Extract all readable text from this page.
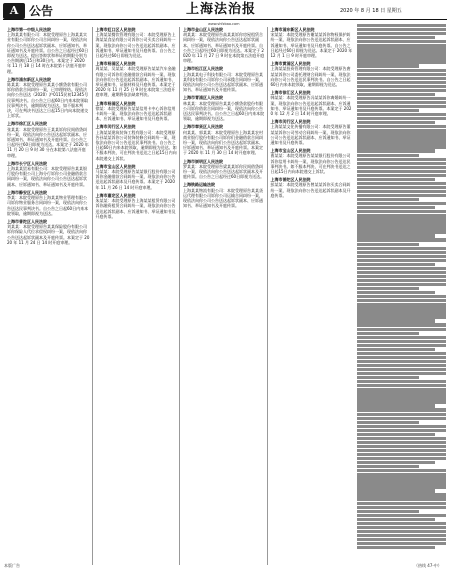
A 公告	上海法治报	2020 年 8 月 18 日 星期五
www.shfzbao.com
上海市第一中级人民法院
上海某某有限公司：本院受理原告上海某某实业有限公司诉你公司合同纠纷一案，现依法向你公司公告送达起诉状副本、应诉通知书、举证通知书及开庭传票。自公告之日起经过60日即视为送达。提出答辩状和举证的期限分别为公告期满后15日和30日内。本案定于 2020 年 11 月 18 日 14 时在本院第十法庭开庭审理。
上海市浦东新区人民法院
陈某某：本院受理原告某某小额贷款有限公司诉你借款合同纠纷一案，已审理终结。现依法向你公告送达（2020）沪0115民初12345号民事判决书。自公告之日起60日内来本院领取民事判决书，逾期即视为送达。如不服本判决，可在判决书送达之日起15日内向本院递交上诉状。
上海市徐汇区人民法院
张某某：本院受理原告王某某诉你民间借贷纠纷一案，现依法向你公告送达起诉状副本、应诉通知书、举证通知书及开庭传票。自公告之日起经过60日即视为送达。本案定于 2020 年 11 月 20 日 9 时 30 分在本院第八法庭开庭审理。
上海市长宁区人民法院
上海某某贸易有限公司：本院受理原告某某银行股份有限公司上海分行诉你公司金融借款合同纠纷一案，现依法向你公司公告送达起诉状副本、应诉通知书、举证通知书及开庭传票。
上海市静安区人民法院
李某：本院受理原告上海某某物业管理有限公司诉你物业服务合同纠纷一案，现依法向你公告送达民事判决书。自公告之日起60日内来本院领取，逾期即视为送达。
上海市普陀区人民法院
刘某某：本院受理原告某某保险股份有限公司诉你保险人代位求偿权纠纷一案，现依法向你公告送达起诉状副本及开庭传票。本案定于 2020 年 11 月 24 日 14 时开庭审理。
上海市虹口区人民法院
上海某某餐饮管理有限公司：本院受理原告上海某某食品有限公司诉你公司买卖合同纠纷一案，现依法向你公司公告送达起诉状副本、应诉通知书、举证通知书及开庭传票。自公告之日起经过60日即视为送达。
上海市杨浦区人民法院
周某某、吴某某：本院受理原告某某汽车金融有限公司诉你们金融借款合同纠纷一案，现依法向你们公告送达起诉状副本、应诉通知书、举证通知书、证据材料及开庭传票。本案定于 2020 年 11 月 25 日 9 时在本院第三法庭开庭审理，逾期将依法缺席判决。
上海市杨浦区人民法院
徐某：本院受理原告某某信用卡中心诉你信用卡纠纷一案，现依法向你公告送达起诉状副本、应诉通知书、举证通知书及开庭传票。
上海市闵行区人民法院
上海某某建筑装饰工程有限公司：本院受理原告孙某某诉你公司装饰装修合同纠纷一案，现依法向你公司公告送达民事判决书。自公告之日起60日内来本院领取，逾期即视为送达。如不服本判决，可在判决书送达之日起15日内向本院递交上诉状。
上海市宝山区人民法院
马某某：本院受理原告某某银行股份有限公司诉你金融借款合同纠纷一案，现依法向你公告送达起诉状副本及开庭传票。本案定于 2020 年 11 月 26 日 14 时开庭审理。
上海市嘉定区人民法院
朱某某：本院受理原告上海某某租赁有限公司诉你融资租赁合同纠纷一案，现依法向你公告送达起诉状副本、应诉通知书、举证通知书及开庭传票。
上海市金山区人民法院
胡某某：本院受理原告高某某诉你房屋租赁合同纠纷一案，现依法向你公告送达起诉状副本、应诉通知书、举证通知书及开庭传票。自公告之日起经过60日即视为送达。本案定于 2020 年 11 月 27 日 9 时在本院第五法庭开庭审理。
上海市松江区人民法院
上海某某电子科技有限公司：本院受理原告某某科技有限公司诉你公司承揽合同纠纷一案，现依法向你公司公告送达起诉状副本、应诉通知书、举证通知书及开庭传票。
上海市青浦区人民法院
林某某：本院受理原告某某小额贷款股份有限公司诉你借款合同纠纷一案，现依法向你公告送达民事判决书。自公告之日起60日内来本院领取，逾期即视为送达。
上海市奉贤区人民法院
何某某、郭某某：本院受理原告上海某某农村商业银行股份有限公司诉你们金融借款合同纠纷一案，现依法向你们公告送达起诉状副本、应诉通知书、举证通知书及开庭传票。本案定于 2020 年 11 月 30 日 14 时开庭审理。
上海市崇明区人民法院
罗某某：本院受理原告梁某某诉你民间借贷纠纷一案，现依法向你公告送达起诉状副本及开庭传票。自公告之日起经过60日即视为送达。
上海铁路运输法院
上海某某物流有限公司：本院受理原告某某货运代理有限公司诉你公司运输合同纠纷一案，现依法向你公司公告送达起诉状副本、应诉通知书、举证通知书及开庭传票。
上海市浦东新区人民法院
宋某某：本院受理原告谢某某诉你物权保护纠纷一案，现依法向你公告送达起诉状副本、应诉通知书、举证通知书及开庭传票。自公告之日起经过60日即视为送达。本案定于 2020 年 12 月 1 日 9 时开庭审理。
上海市黄浦区人民法院
上海某某投资管理有限公司：本院受理原告唐某某诉你公司委托理财合同纠纷一案，现依法向你公司公告送达民事判决书。自公告之日起60日内来本院领取，逾期即视为送达。
上海市徐汇区人民法院
韩某某：本院受理原告冯某某诉你离婚纠纷一案，现依法向你公告送达起诉状副本、应诉通知书、举证通知书及开庭传票。本案定于 2020 年 12 月 2 日 14 时开庭审理。
上海市闵行区人民法院
上海某某文化传播有限公司：本院受理原告董某某诉你公司劳动合同纠纷一案，现依法向你公司公告送达起诉状副本、应诉通知书、举证通知书及开庭传票。
上海市宝山区人民法院
曹某某：本院受理原告某某银行股份有限公司诉你信用卡纠纷一案，现依法向你公告送达民事判决书。如不服本判决，可在判决书送达之日起15日内向本院递交上诉状。
上海市普陀区人民法院
彭某某：本院受理原告曾某某诉你买卖合同纠纷一案，现依法向你公告送达起诉状副本及开庭传票。
本版广告	（热线 47-中）
